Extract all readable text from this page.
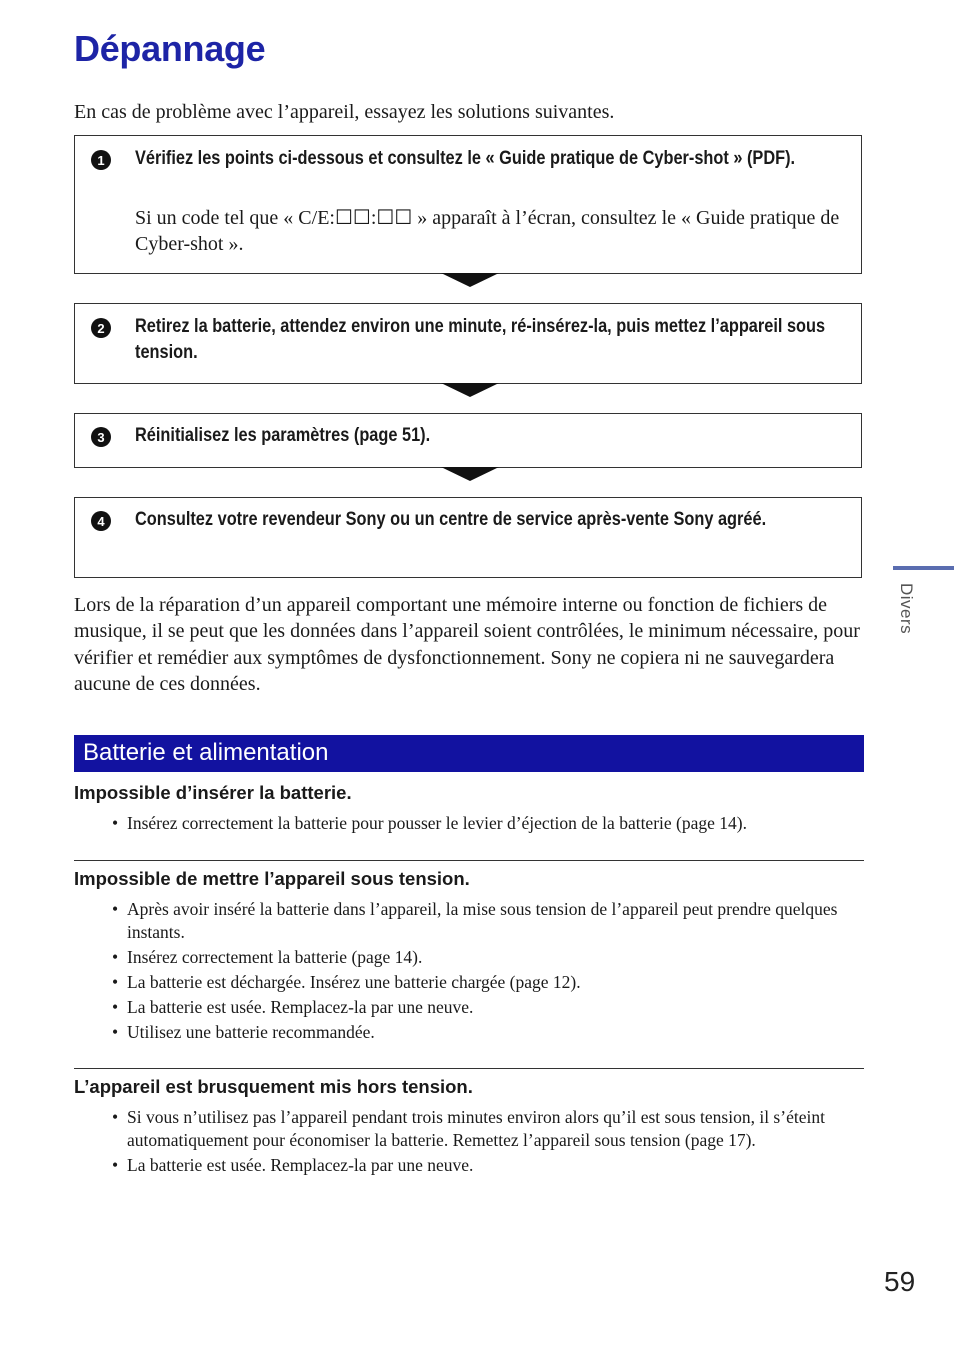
Dépannage

En cas de problème avec l’appareil, essayez les solutions suivantes.

1	Vérifiez les points ci-dessous et consultez le « Guide pratique de Cyber-shot » (PDF).

Si un code tel que « C/E:☐☐:☐☐ » apparaît à l’écran, consultez le « Guide pratique de Cyber-shot ».

2	Retirez la batterie, attendez environ une minute, ré-insérez-la, puis mettez l’appareil sous tension.

3	Réinitialisez les paramètres (page 51).

4	Consultez votre revendeur Sony ou un centre de service après-vente Sony agréé.

Lors de la réparation d’un appareil comportant une mémoire interne ou fonction de fichiers de musique, il se peut que les données dans l’appareil soient contrôlées, le minimum nécessaire, pour vérifier et remédier aux symptômes de dysfonctionnement. Sony ne copiera ni ne sauvegardera aucune de ces données.

Batterie et alimentation

Impossible d’insérer la batterie.

• Insérez correctement la batterie pour pousser le levier d’éjection de la batterie (page 14).

Impossible de mettre l’appareil sous tension.

• Après avoir inséré la batterie dans l’appareil, la mise sous tension de l’appareil peut prendre quelques instants.
• Insérez correctement la batterie (page 14).
• La batterie est déchargée. Insérez une batterie chargée (page 12).
• La batterie est usée. Remplacez-la par une neuve.
• Utilisez une batterie recommandée.

L’appareil est brusquement mis hors tension.

• Si vous n’utilisez pas l’appareil pendant trois minutes environ alors qu’il est sous tension, il s’éteint automatiquement pour économiser la batterie. Remettez l’appareil sous tension (page 17).
• La batterie est usée. Remplacez-la par une neuve.
Divers
59
